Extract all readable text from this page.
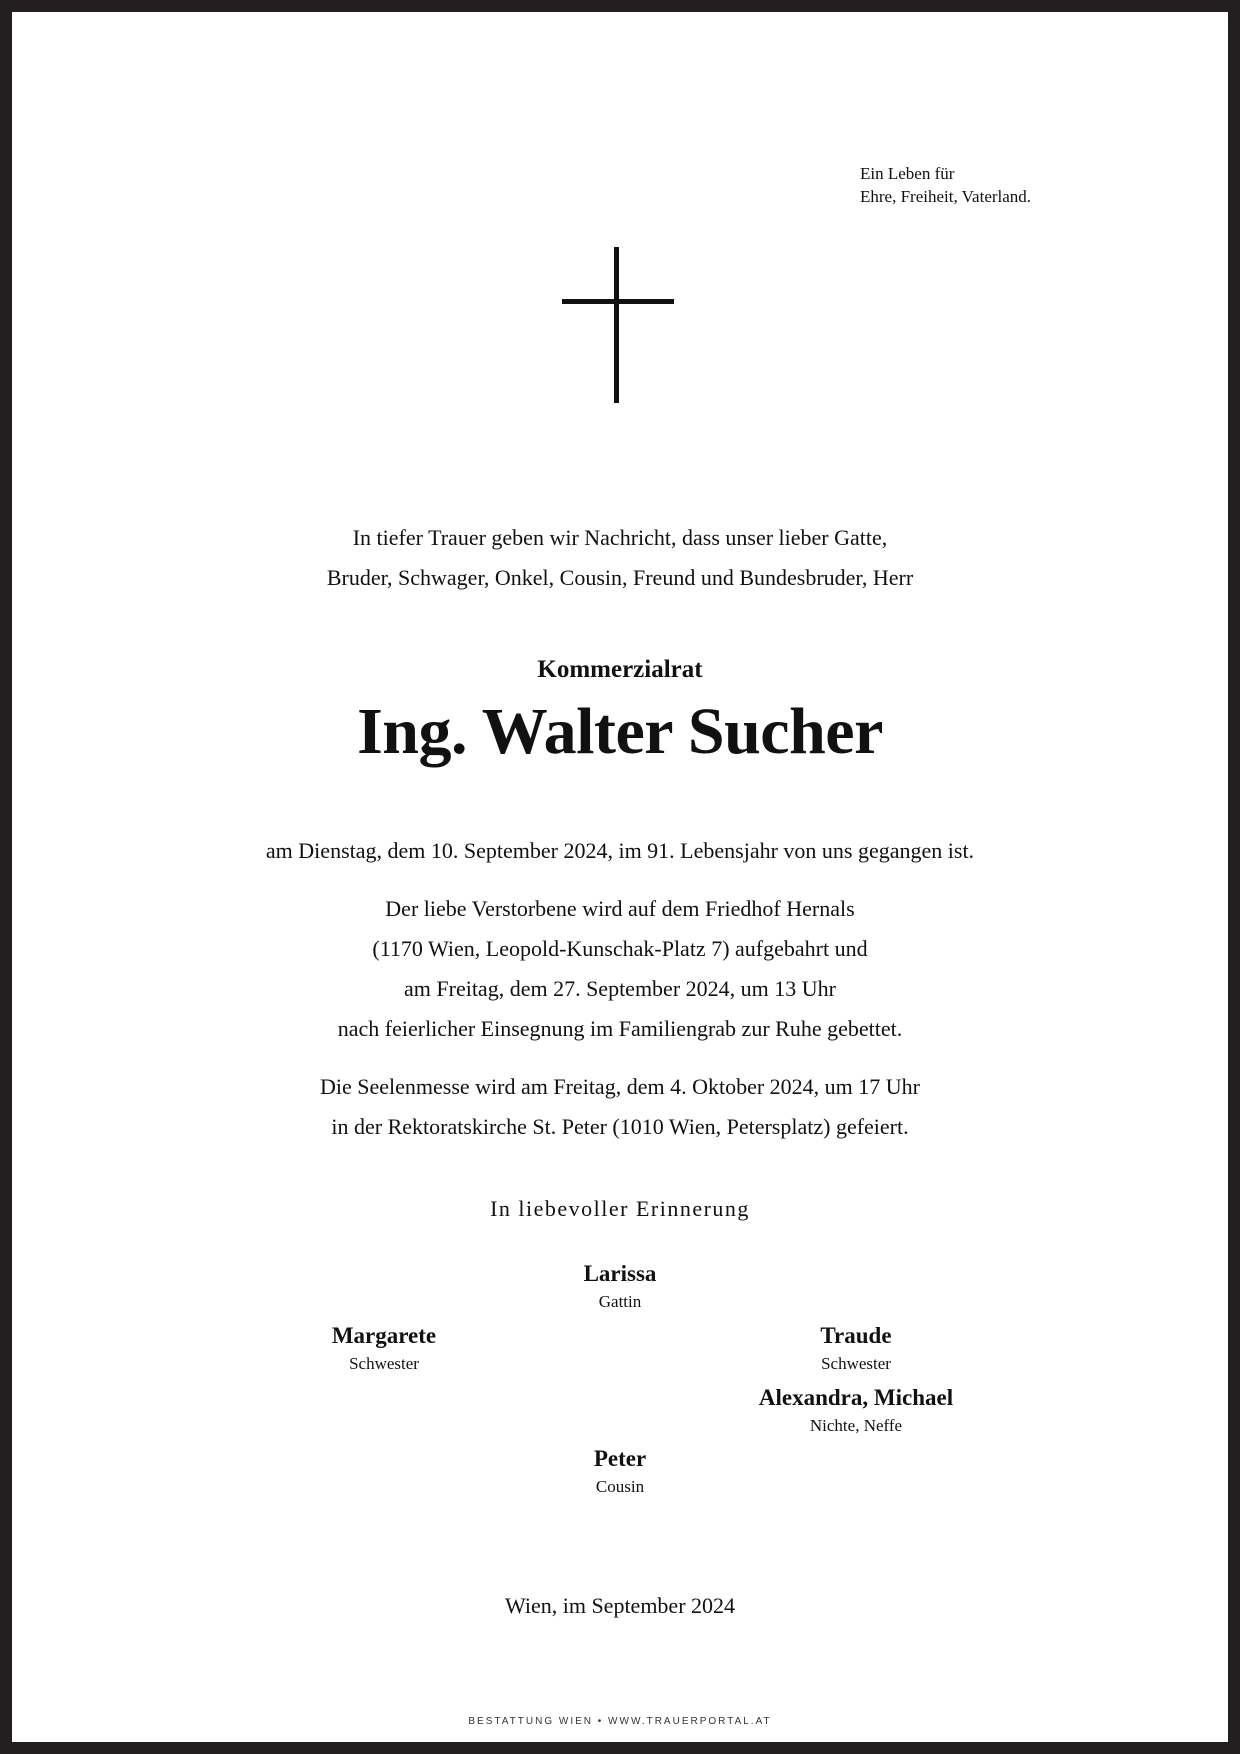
Ein Leben für
Ehre, Freiheit, Vaterland.

In tiefer Trauer geben wir Nachricht, dass unser lieber Gatte,
Bruder, Schwager, Onkel, Cousin, Freund und Bundesbruder, Herr

Kommerzialrat

Ing. Walter Sucher

am Dienstag, dem 10. September 2024, im 91. Lebensjahr von uns gegangen ist.

Der liebe Verstorbene wird auf dem Friedhof Hernals
(1170 Wien, Leopold-Kunschak-Platz 7) aufgebahrt und
am Freitag, dem 27. September 2024, um 13 Uhr
nach feierlicher Einsegnung im Familiengrab zur Ruhe gebettet.

Die Seelenmesse wird am Freitag, dem 4. Oktober 2024, um 17 Uhr
in der Rektoratskirche St. Peter (1010 Wien, Petersplatz) gefeiert.

In liebevoller Erinnerung

Larissa
Gattin
Margarete
Schwester
Traude
Schwester
Alexandra, Michael
Nichte, Neffe
Peter
Cousin

Wien, im September 2024

BESTATTUNG WIEN • WWW.TRAUERPORTAL.AT
